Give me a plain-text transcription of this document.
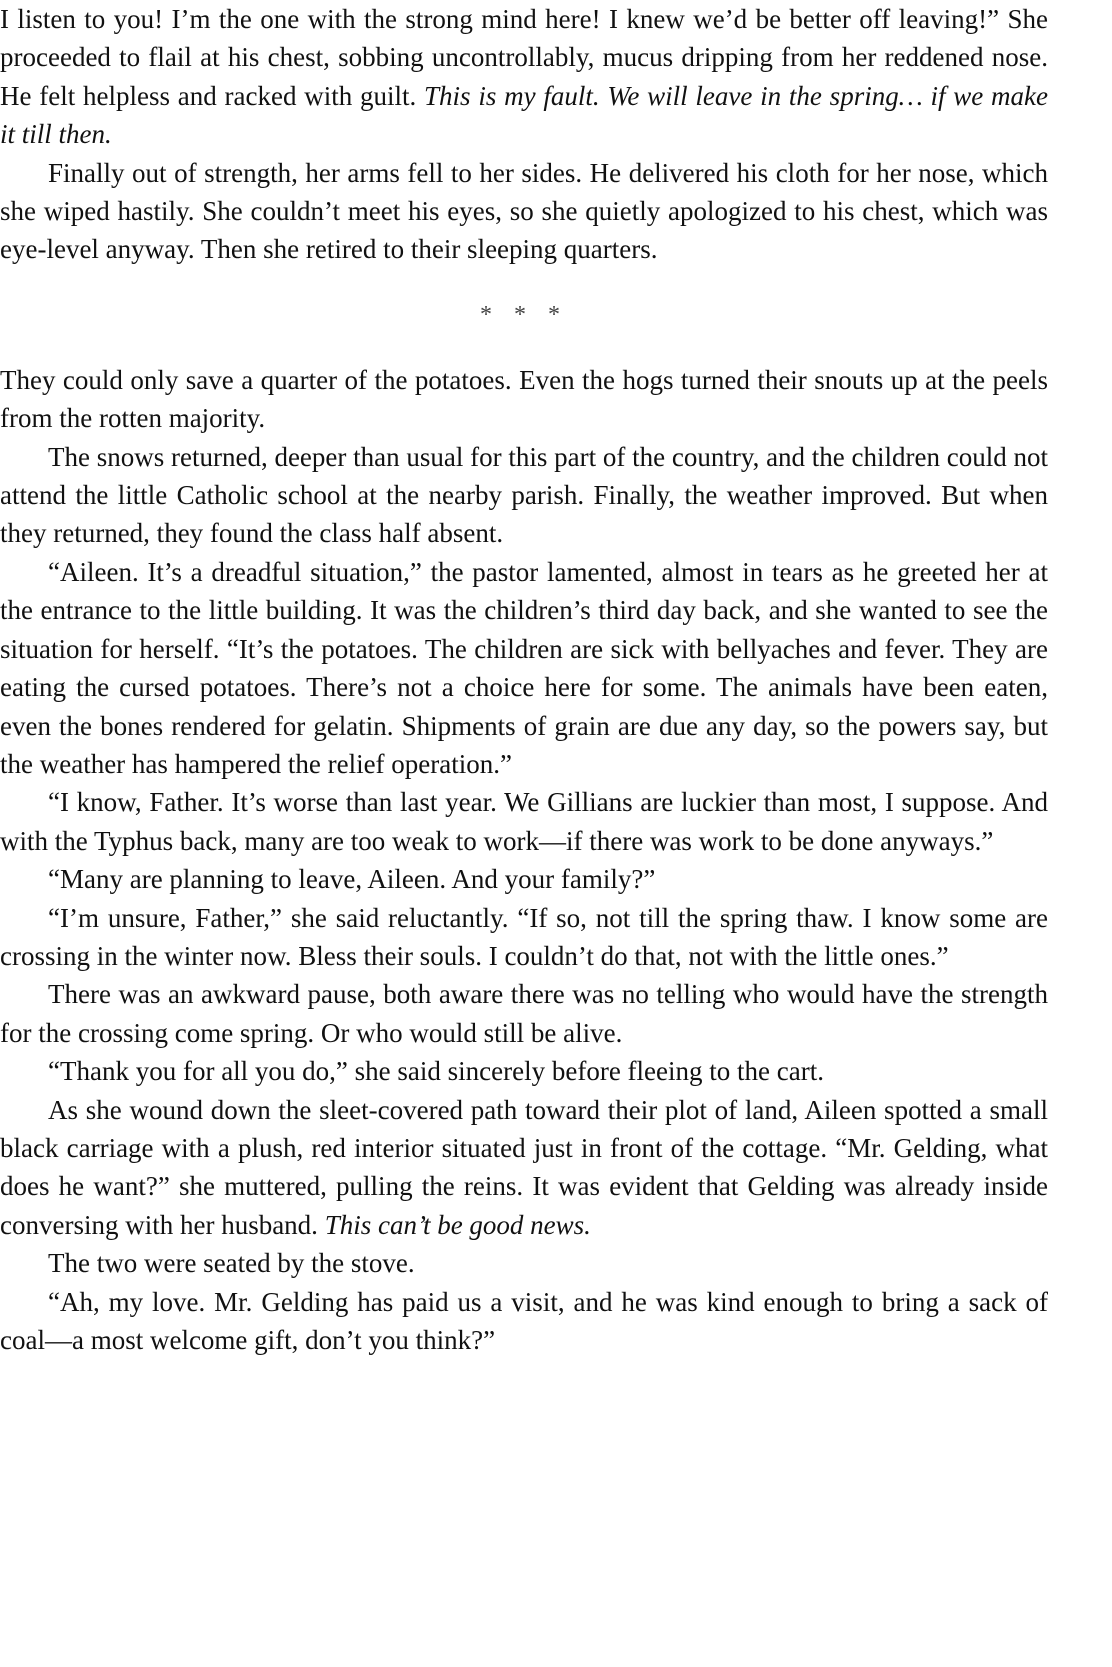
I listen to you! I’m the one with the strong mind here! I knew we’d be better off leaving!” She proceeded to flail at his chest, sobbing uncontrollably, mucus dripping from her reddened nose. He felt helpless and racked with guilt. This is my fault. We will leave in the spring… if we make it till then.

Finally out of strength, her arms fell to her sides. He delivered his cloth for her nose, which she wiped hastily. She couldn’t meet his eyes, so she quietly apologized to his chest, which was eye-level anyway. Then she retired to their sleeping quarters.

* * *

They could only save a quarter of the potatoes. Even the hogs turned their snouts up at the peels from the rotten majority.

The snows returned, deeper than usual for this part of the country, and the children could not attend the little Catholic school at the nearby parish. Finally, the weather improved. But when they returned, they found the class half absent.

“Aileen. It’s a dreadful situation,” the pastor lamented, almost in tears as he greeted her at the entrance to the little building. It was the children’s third day back, and she wanted to see the situation for herself. “It’s the potatoes. The children are sick with bellyaches and fever. They are eating the cursed potatoes. There’s not a choice here for some. The animals have been eaten, even the bones rendered for gelatin. Shipments of grain are due any day, so the powers say, but the weather has hampered the relief operation.”

“I know, Father. It’s worse than last year. We Gillians are luckier than most, I suppose. And with the Typhus back, many are too weak to work—if there was work to be done anyways.”

“Many are planning to leave, Aileen. And your family?”

“I’m unsure, Father,” she said reluctantly. “If so, not till the spring thaw. I know some are crossing in the winter now. Bless their souls. I couldn’t do that, not with the little ones.”

There was an awkward pause, both aware there was no telling who would have the strength for the crossing come spring. Or who would still be alive.

“Thank you for all you do,” she said sincerely before fleeing to the cart.

As she wound down the sleet-covered path toward their plot of land, Aileen spotted a small black carriage with a plush, red interior situated just in front of the cottage. “Mr. Gelding, what does he want?” she muttered, pulling the reins. It was evident that Gelding was already inside conversing with her husband. This can’t be good news.

The two were seated by the stove.

“Ah, my love. Mr. Gelding has paid us a visit, and he was kind enough to bring a sack of coal—a most welcome gift, don’t you think?”
